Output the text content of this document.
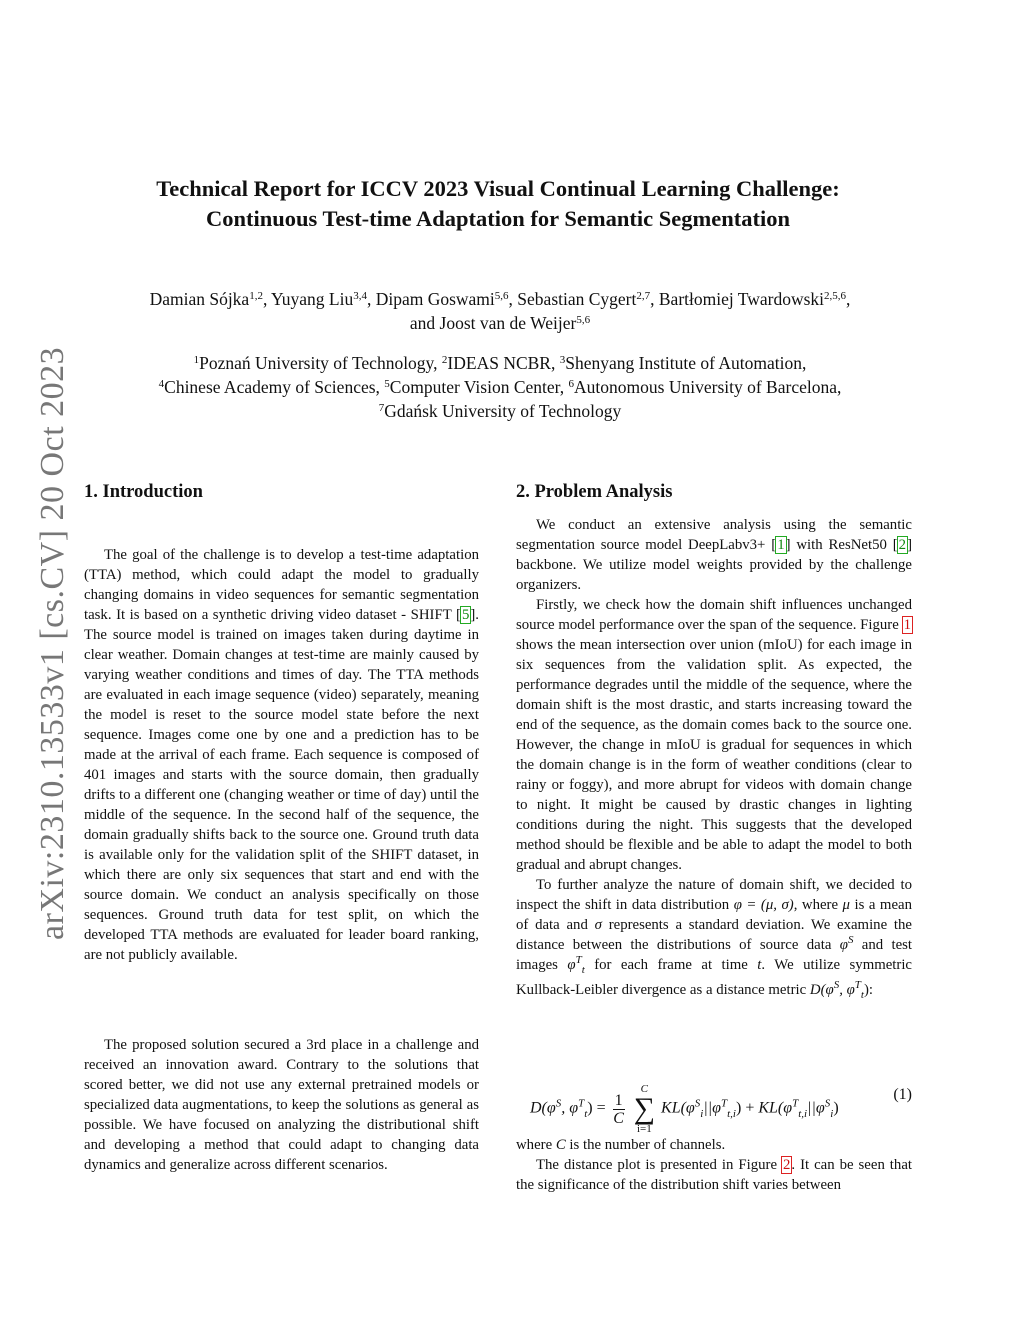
arXiv:2310.13533v1 [cs.CV] 20 Oct 2023
Technical Report for ICCV 2023 Visual Continual Learning Challenge:
Continuous Test-time Adaptation for Semantic Segmentation
Damian Sójka$^{1,2}$, Yuyang Liu$^{3,4}$, Dipam Goswami$^{5,6}$, Sebastian Cygert$^{2,7}$, Bartłomiej Twardowski$^{2,5,6}$,
and Joost van de Weijer$^{5,6}$
$^1$Poznań University of Technology, $^2$IDEAS NCBR, $^3$Shenyang Institute of Automation,
$^4$Chinese Academy of Sciences, $^5$Computer Vision Center, $^6$Autonomous University of Barcelona,
$^7$Gdańsk University of Technology
1. Introduction

The goal of the challenge is to develop a test-time adaptation (TTA) method, which could adapt the model to gradually changing domains in video sequences for semantic segmentation task. It is based on a synthetic driving video dataset - SHIFT [5]. The source model is trained on images taken during daytime in clear weather. Domain changes at test-time are mainly caused by varying weather conditions and times of day. The TTA methods are evaluated in each image sequence (video) separately, meaning the model is reset to the source model state before the next sequence. Images come one by one and a prediction has to be made at the arrival of each frame. Each sequence is composed of 401 images and starts with the source domain, then gradually drifts to a different one (changing weather or time of day) until the middle of the sequence. In the second half of the sequence, the domain gradually shifts back to the source one. Ground truth data is available only for the validation split of the SHIFT dataset, in which there are only six sequences that start and end with the source domain. We conduct an analysis specifically on those sequences. Ground truth data for test split, on which the developed TTA methods are evaluated for leader board ranking, are not publicly available.

The proposed solution secured a 3rd place in a challenge and received an innovation award. Contrary to the solutions that scored better, we did not use any external pretrained models or specialized data augmentations, to keep the solutions as general as possible. We have focused on analyzing the distributional shift and developing a method that could adapt to changing data dynamics and generalize across different scenarios.

2. Problem Analysis

We conduct an extensive analysis using the semantic segmentation source model DeepLabv3+ [1] with ResNet50 [2] backbone. We utilize model weights provided by the challenge organizers.

Firstly, we check how the domain shift influences unchanged source model performance over the span of the sequence. Figure 1 shows the mean intersection over union (mIoU) for each image in six sequences from the validation split. As expected, the performance degrades until the middle of the sequence, where the domain shift is the most drastic, and starts increasing toward the end of the sequence, as the domain comes back to the source one. However, the change in mIoU is gradual for sequences in which the domain change is in the form of weather conditions (clear to rainy or foggy), and more abrupt for videos with domain change to night. It might be caused by drastic changes in lighting conditions during the night. This suggests that the developed method should be flexible and be able to adapt the model to both gradual and abrupt changes.

To further analyze the nature of domain shift, we decided to inspect the shift in data distribution φ = (μ, σ), where μ is a mean of data and σ represents a standard deviation. We examine the distance between the distributions of source data $\varphi^S$ and test images $\varphi^T_t$ for each frame at time t. We utilize symmetric Kullback-Leibler divergence as a distance metric $D(\varphi^S$, $\varphi^T_t$):

$D(\varphi^S$, $\varphi^T_t) = \frac{1}{C}$

C
∑
i=1
$KL(\varphi^S_i||\varphi^T_{t,i}) + KL(\varphi^T_{t,i}||\varphi^S_i)$
(1)

where C is the number of channels.

The distance plot is presented in Figure 2. It can be seen that the significance of the distribution shift varies between
